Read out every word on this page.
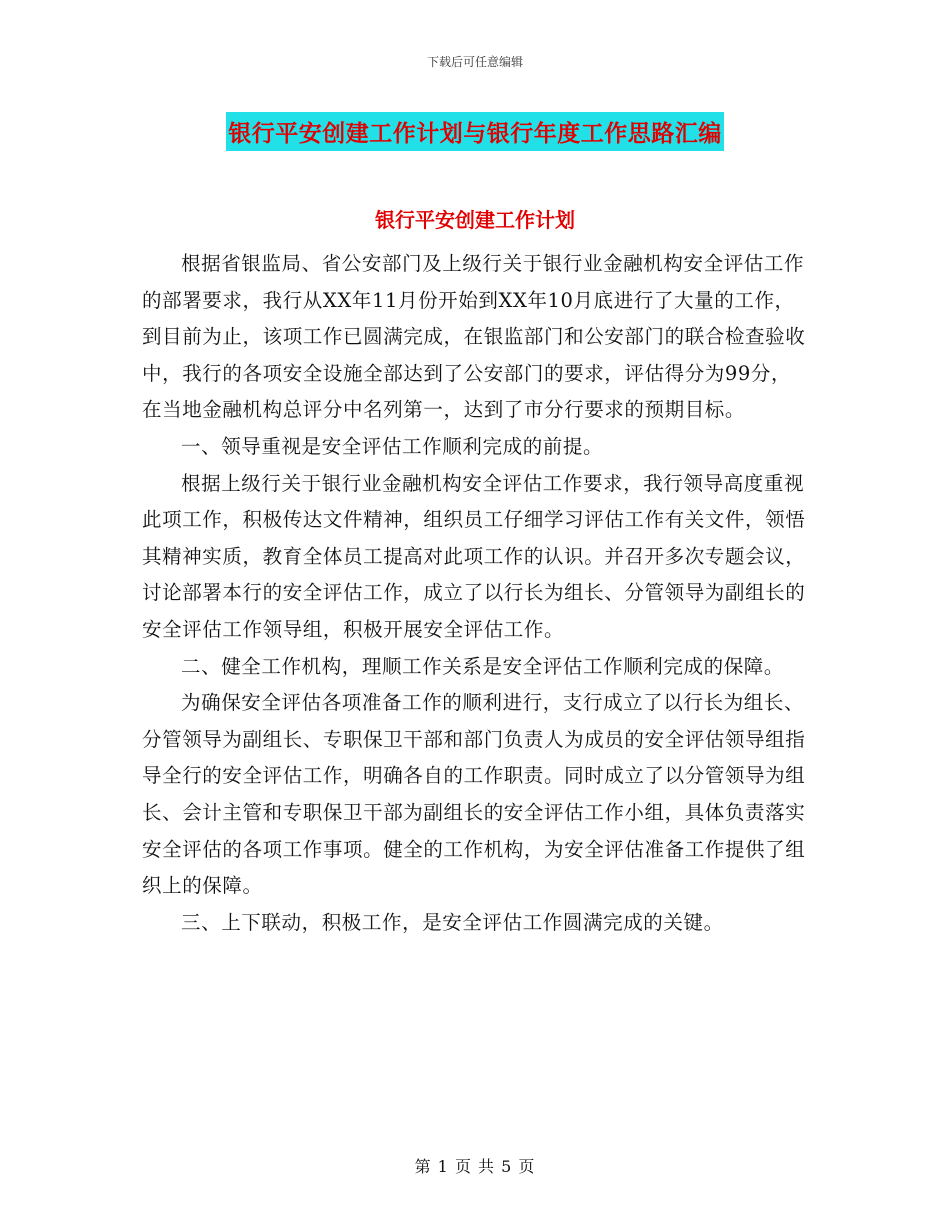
下载后可任意编辑
银行平安创建工作计划与银行年度工作思路汇编
银行平安创建工作计划

根据省银监局、省公安部门及上级行关于银行业金融机构安全评估工作的部署要求，我行从XX年11月份开始到XX年10月底进行了大量的工作，到目前为止，该项工作已圆满完成，在银监部门和公安部门的联合检查验收中，我行的各项安全设施全部达到了公安部门的要求，评估得分为99分，在当地金融机构总评分中名列第一，达到了市分行要求的预期目标。

一、领导重视是安全评估工作顺利完成的前提。

根据上级行关于银行业金融机构安全评估工作要求，我行领导高度重视此项工作，积极传达文件精神，组织员工仔细学习评估工作有关文件，领悟其精神实质，教育全体员工提高对此项工作的认识。并召开多次专题会议，讨论部署本行的安全评估工作，成立了以行长为组长、分管领导为副组长的安全评估工作领导组，积极开展安全评估工作。

二、健全工作机构，理顺工作关系是安全评估工作顺利完成的保障。

为确保安全评估各项准备工作的顺利进行，支行成立了以行长为组长、分管领导为副组长、专职保卫干部和部门负责人为成员的安全评估领导组指导全行的安全评估工作，明确各自的工作职责。同时成立了以分管领导为组长、会计主管和专职保卫干部为副组长的安全评估工作小组，具体负责落实安全评估的各项工作事项。健全的工作机构，为安全评估准备工作提供了组织上的保障。

三、上下联动，积极工作，是安全评估工作圆满完成的关键。

第 1 页 共 5 页
